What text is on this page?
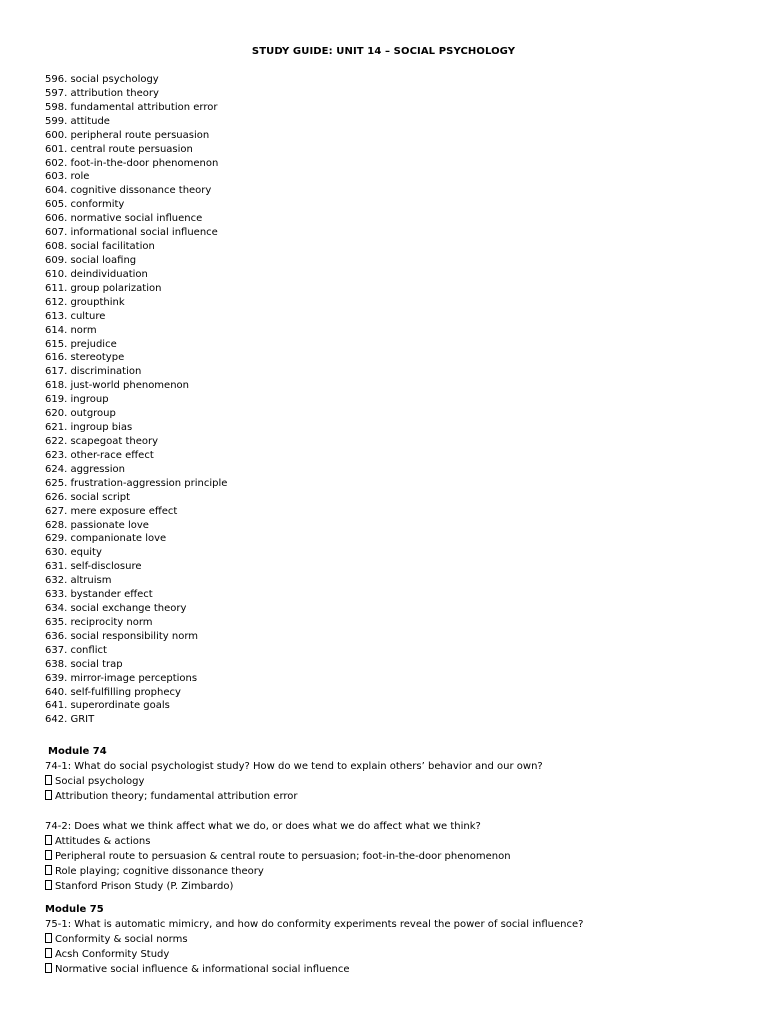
STUDY GUIDE: UNIT 14 – SOCIAL PSYCHOLOGY
596. social psychology
597. attribution theory
598. fundamental attribution error
599. attitude
600. peripheral route persuasion
601. central route persuasion
602. foot-in-the-door phenomenon
603. role
604. cognitive dissonance theory
605. conformity
606. normative social influence
607. informational social influence
608. social facilitation
609. social loafing
610. deindividuation
611. group polarization
612. groupthink
613. culture
614. norm
615. prejudice
616. stereotype
617. discrimination
618. just-world phenomenon
619. ingroup
620. outgroup
621. ingroup bias
622. scapegoat theory
623. other-race effect
624. aggression
625. frustration-aggression principle
626. social script
627. mere exposure effect
628. passionate love
629. companionate love
630. equity
631. self-disclosure
632. altruism
633. bystander effect
634. social exchange theory
635. reciprocity norm
636. social responsibility norm
637. conflict
638. social trap
639. mirror-image perceptions
640. self-fulfilling prophecy
641. superordinate goals
642. GRIT
Module 74
74-1: What do social psychologist study? How do we tend to explain others’ behavior and our own?
Social psychology
Attribution theory; fundamental attribution error
74-2: Does what we think affect what we do, or does what we do affect what we think?
Attitudes & actions
Peripheral route to persuasion & central route to persuasion; foot-in-the-door phenomenon
Role playing; cognitive dissonance theory
Stanford Prison Study (P. Zimbardo)
Module 75
75-1: What is automatic mimicry, and how do conformity experiments reveal the power of social influence?
Conformity & social norms
Acsh Conformity Study
Normative social influence & informational social influence
